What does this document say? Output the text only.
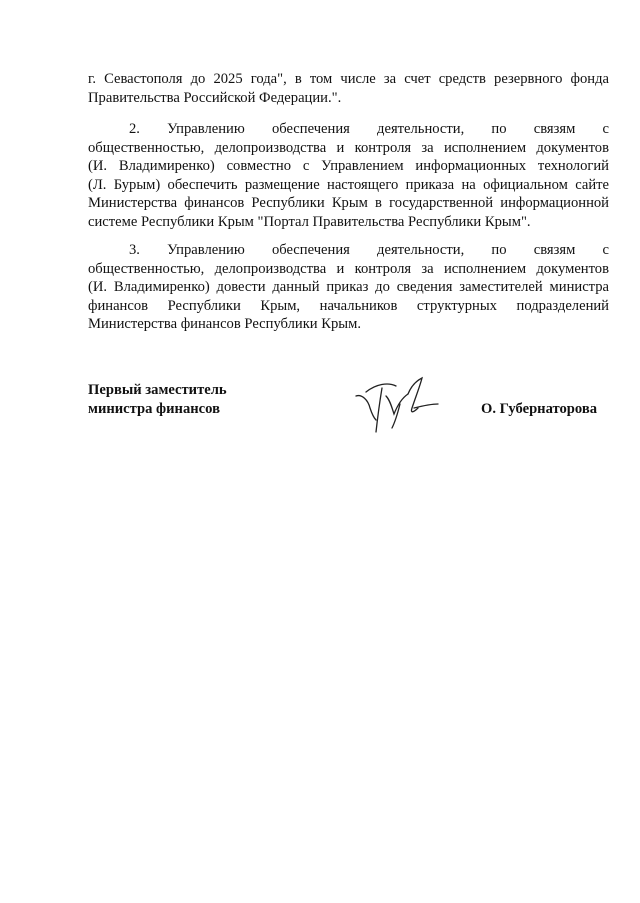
г. Севастополя до 2025 года", в том числе за счет средств резервного фонда
Правительства Российской Федерации.".
2. Управлению обеспечения деятельности, по связям с
общественностью, делопроизводства и контроля за исполнением документов
(И. Владимиренко) совместно с Управлением информационных технологий
(Л. Бурым) обеспечить размещение настоящего приказа на официальном сайте
Министерства финансов Республики Крым в государственной информационной
системе Республики Крым "Портал Правительства Республики Крым".
3. Управлению обеспечения деятельности, по связям с
общественностью, делопроизводства и контроля за исполнением документов
(И. Владимиренко) довести данный приказ до сведения заместителей министра
финансов Республики Крым, начальников структурных подразделений
Министерства финансов Республики Крым.
Первый заместитель
министра финансов	О. Губернаторова
